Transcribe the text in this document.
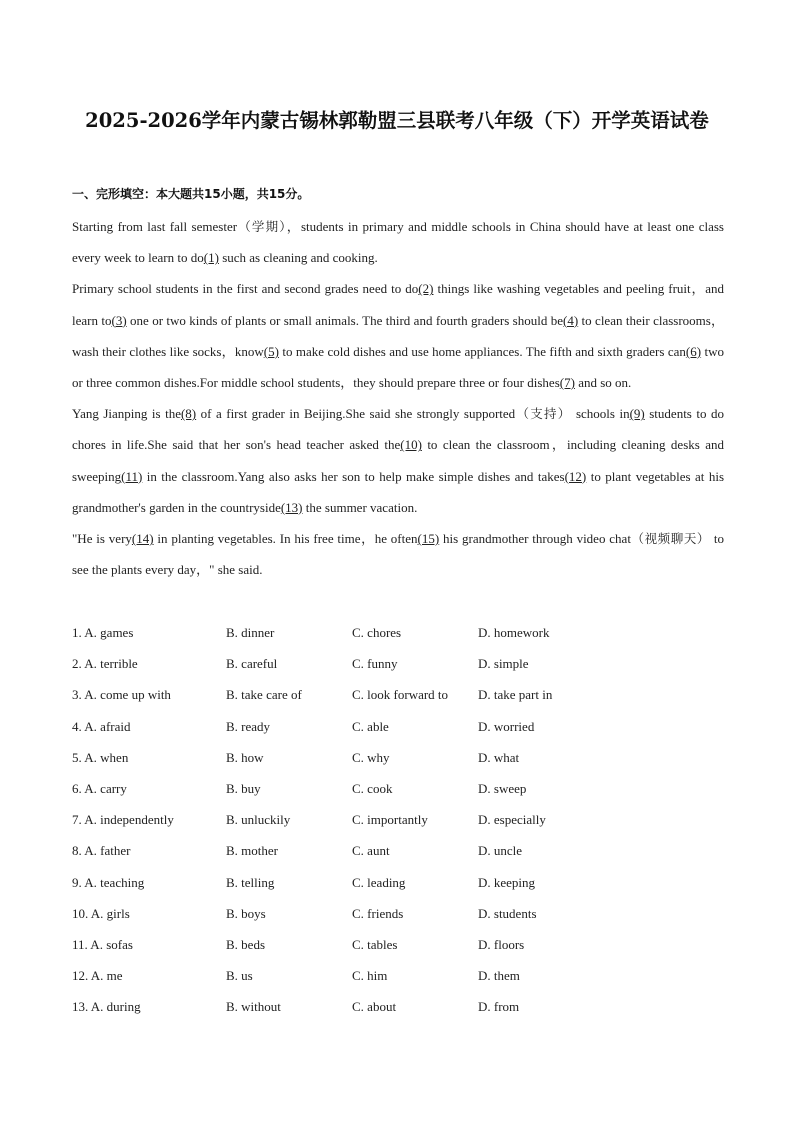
2025-2026学年内蒙古锡林郭勒盟三县联考八年级（下）开学英语试卷
一、完形填空：本大题共15小题，共15分。

Starting from last fall semester（学期），students in primary and middle schools in China should have at least one class every week to learn to do(1) such as cleaning and cooking.

Primary school students in the first and second grades need to do(2) things like washing vegetables and peeling fruit，and learn to(3) one or two kinds of plants or small animals. The third and fourth graders should be(4) to clean their classrooms，wash their clothes like socks，know(5) to make cold dishes and use home appliances. The fifth and sixth graders can(6) two or three common dishes.For middle school students，they should prepare three or four dishes(7) and so on.

Yang Jianping is the(8) of a first grader in Beijing.She said she strongly supported（支持） schools in(9) students to do chores in life.She said that her son's head teacher asked the(10) to clean the classroom，including cleaning desks and sweeping(11) in the classroom.Yang also asks her son to help make simple dishes and takes(12) to plant vegetables at his grandmother's garden in the countryside(13) the summer vacation.

"He is very(14) in planting vegetables. In his free time，he often(15) his grandmother through video chat（视频聊天） to see the plants every day，" she said.

1. A. games	B. dinner	C. chores	D. homework
2. A. terrible	B. careful	C. funny	D. simple
3. A. come up with	B. take care of	C. look forward to D. take part in
4. A. afraid	B. ready	C. able	D. worried
5. A. when	B. how	C. why	D. what
6. A. carry	B. buy	C. cook	D. sweep
7. A. independently	B. unluckily	C. importantly	D. especially
8. A. father	B. mother	C. aunt	D. uncle
9. A. teaching	B. telling	C. leading	D. keeping
10. A. girls	B. boys	C. friends	D. students
11. A. sofas	B. beds	C. tables	D. floors
12. A. me	B. us	C. him	D. them
13. A. during	B. without	C. about	D. from
